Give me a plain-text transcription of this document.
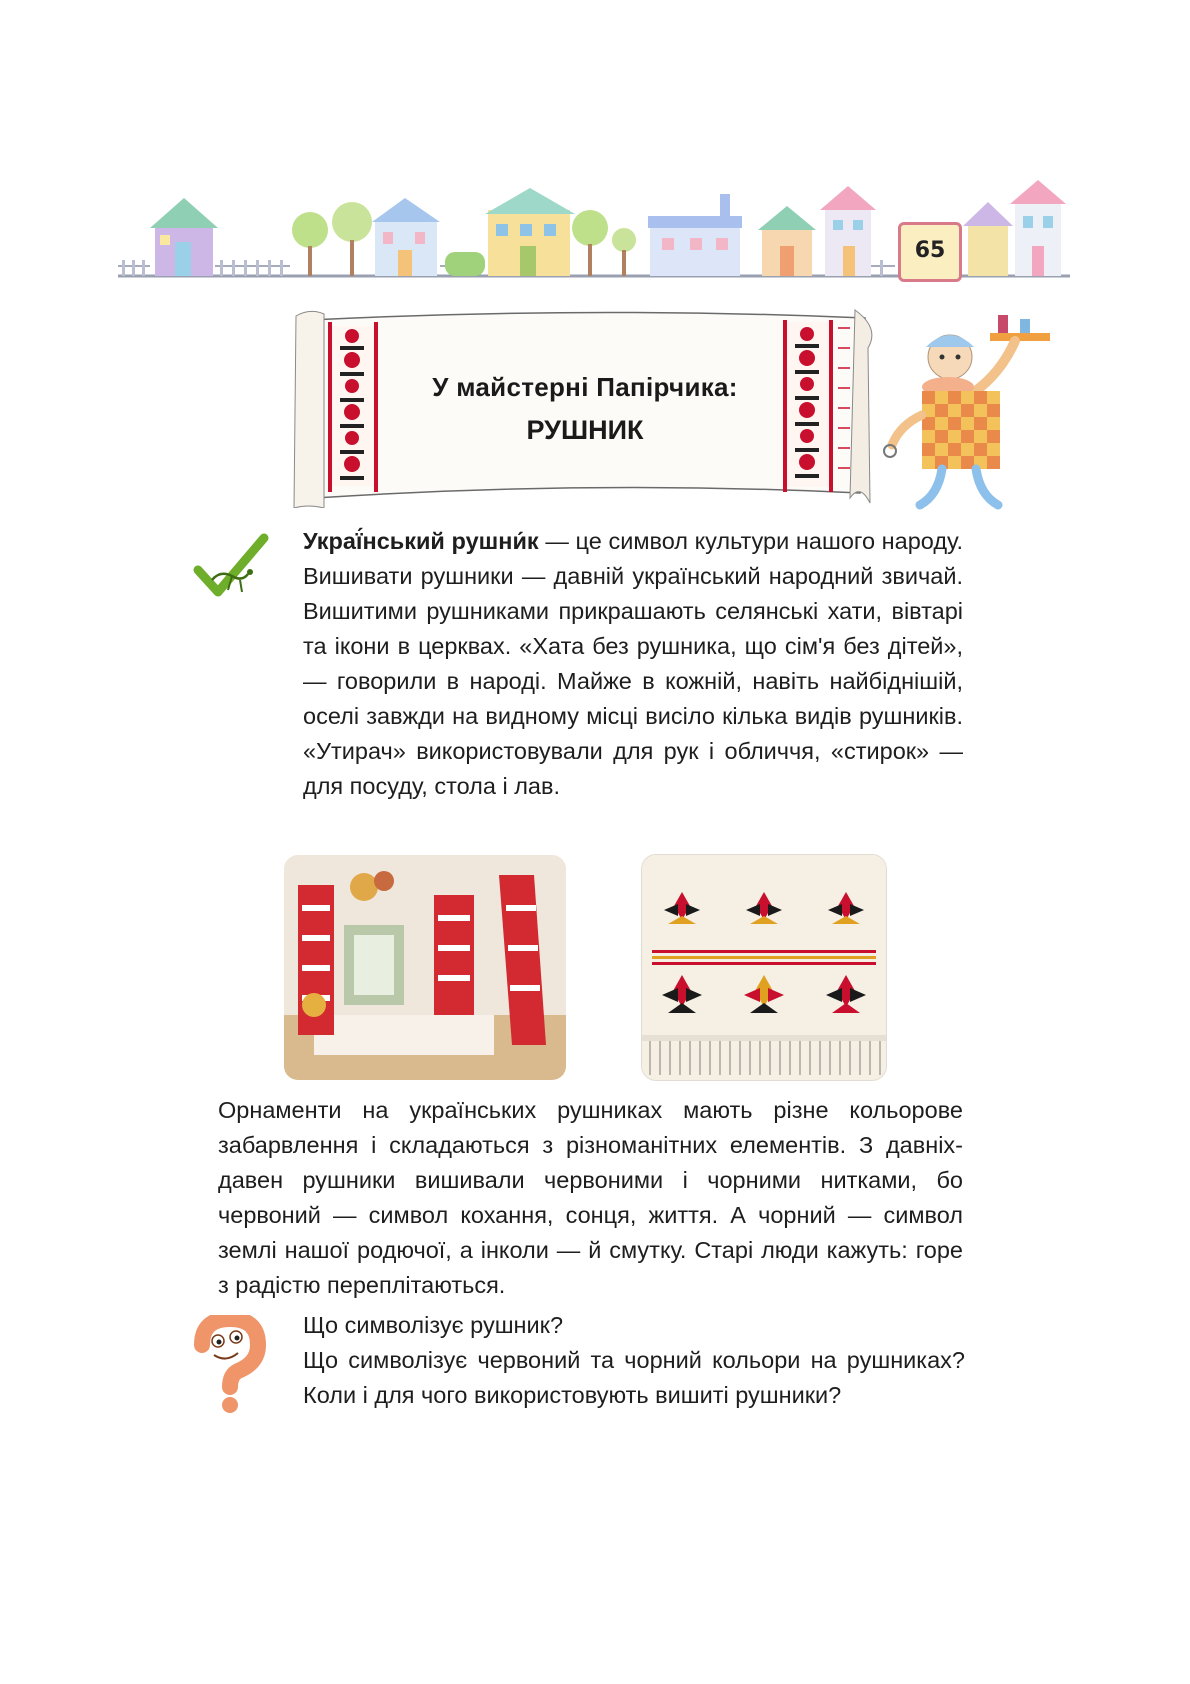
65
У майстерні Папірчика:
РУШНИК
Украї́нський рушни́к — це символ культури нашого народу. Вишивати рушники — давній український народний звичай. Вишитими рушниками прикрашають селянські хати, вівтарі та ікони в церквах. «Хата без рушника, що сім'я без дітей», — говорили в народі. Майже в кожній, навіть найбіднішій, оселі завжди на видному місці висіло кілька видів рушників. «Утирач» використовували для рук і обличчя, «стирок» — для посуду, стола і лав.
Орнаменти на українських рушниках мають різне кольорове забарвлення і складаються з різноманітних елементів. З давніх-давен рушники вишивали червоними і чорними нитками, бо червоний — символ кохання, сонця, життя. А чорний — символ землі нашої родючої, а інколи — й смутку. Старі люди кажуть: горе з радістю переплітаються.
Що символізує рушник?
Що символізує червоний та чорний кольори на рушниках? Коли і для чого використовують вишиті рушники?
